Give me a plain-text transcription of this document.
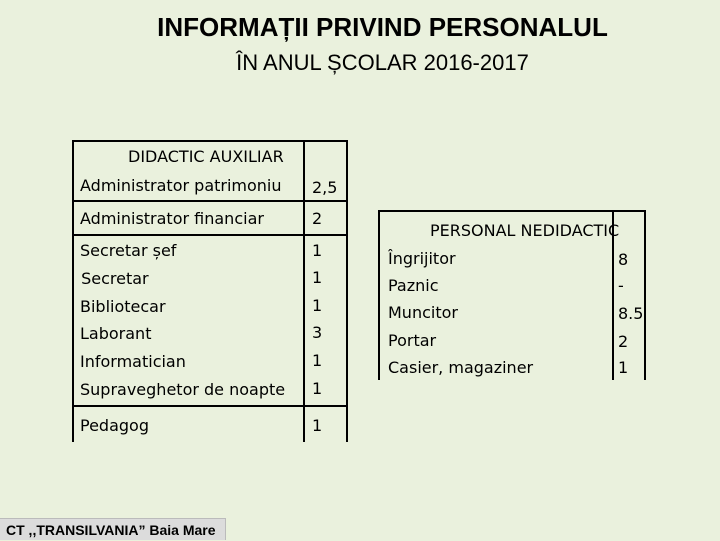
INFORMAȚII PRIVIND PERSONALUL
ÎN ANUL ȘCOLAR 2016-2017
DIDACTIC AUXILIAR
Administrator patrimoniu 2,5
Administrator financiar	2
Secretar șef	1
Secretar	1
Bibliotecar	1
Laborant	3
Informatician	1
Supraveghetor de noapte 1
Pedagog	1
PERSONAL NEDIDACTIC
Îngrijitor	8
Paznic	-
Muncitor	8.5
Portar	2
Casier, magaziner	1
CT ,,TRANSILVANIA” Baia Mare
